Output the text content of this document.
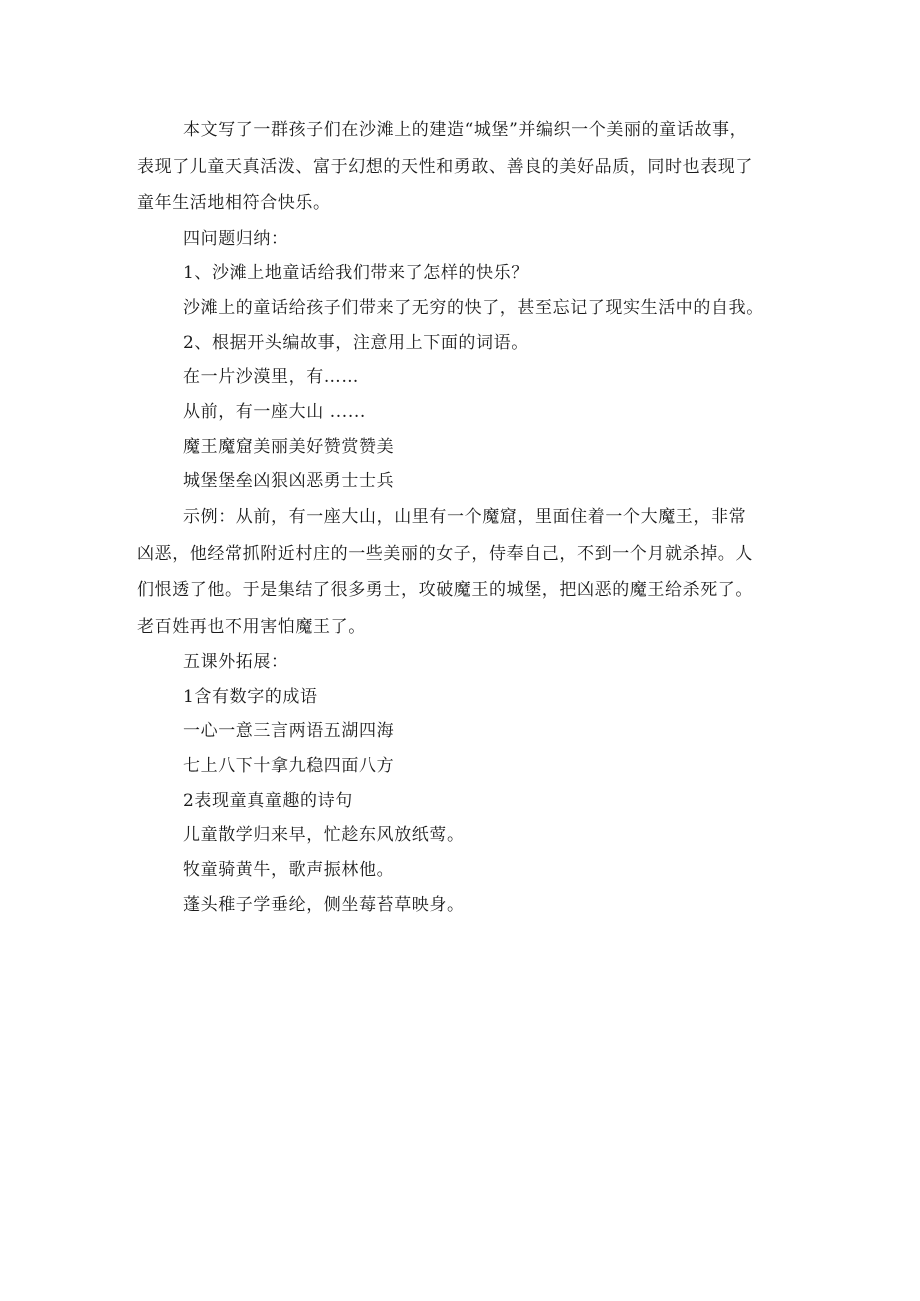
本文写了一群孩子们在沙滩上的建造“城堡”并编织一个美丽的童话故事，

表现了儿童天真活泼、富于幻想的天性和勇敢、善良的美好品质，同时也表现了

童年生活地相符合快乐。

四问题归纳：

1、沙滩上地童话给我们带来了怎样的快乐？

沙滩上的童话给孩子们带来了无穷的快了，甚至忘记了现实生活中的自我。

2、根据开头编故事，注意用上下面的词语。

在一片沙漠里，有……

从前，有一座大山 ......

魔王魔窟美丽美好赞赏赞美

城堡堡垒凶狠凶恶勇士士兵

示例：从前，有一座大山，山里有一个魔窟，里面住着一个大魔王，非常

凶恶，他经常抓附近村庄的一些美丽的女子，侍奉自己，不到一个月就杀掉。人

们恨透了他。于是集结了很多勇士，攻破魔王的城堡，把凶恶的魔王给杀死了。

老百姓再也不用害怕魔王了。

五课外拓展：

1含有数字的成语

一心一意三言两语五湖四海

七上八下十拿九稳四面八方

2表现童真童趣的诗句

儿童散学归来早，忙趁东风放纸莺。

牧童骑黄牛，歌声振林他。

蓬头稚子学垂纶，侧坐莓苔草映身。
